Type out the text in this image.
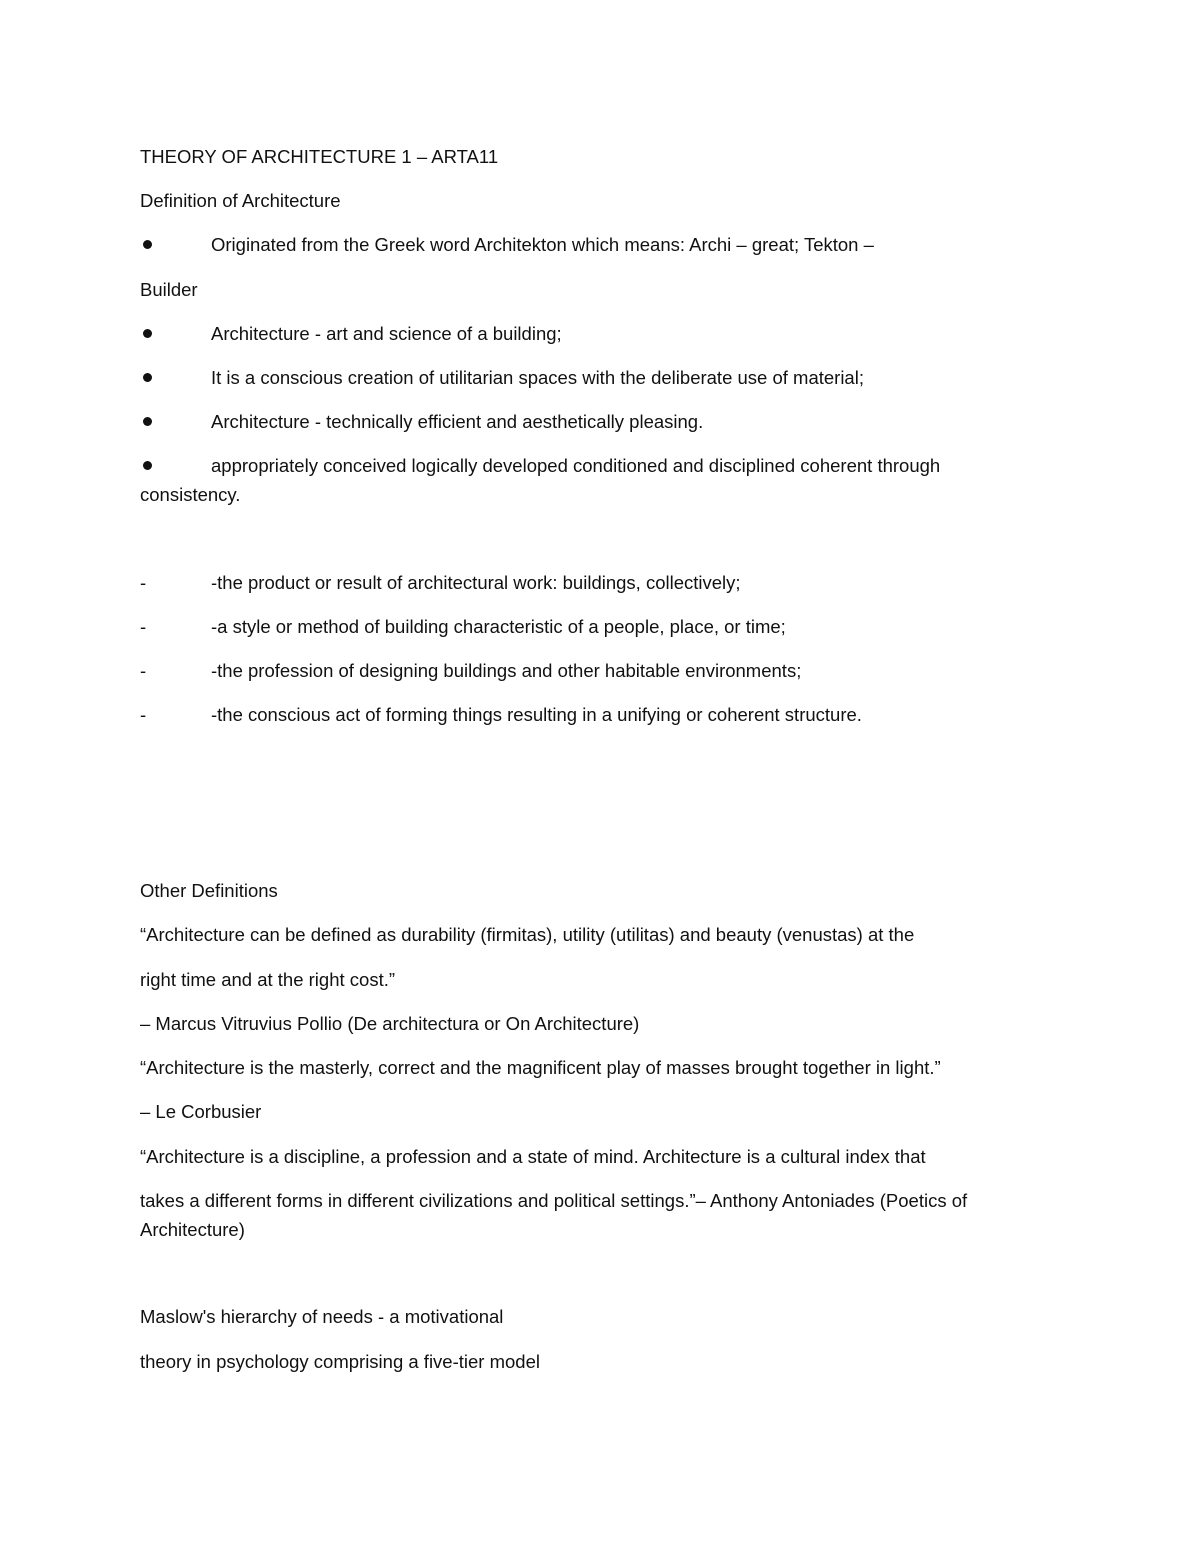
THEORY OF ARCHITECTURE 1 – ARTA11
Definition of Architecture
Originated from the Greek word Architekton which means: Archi – great; Tekton –
Builder
Architecture - art and science of a building;
It is a conscious creation of utilitarian spaces with the deliberate use of material;
Architecture - technically efficient and aesthetically pleasing.
appropriately conceived logically developed conditioned and disciplined coherent through
consistency.
-	-the product or result of architectural work: buildings, collectively;
-	-a style or method of building characteristic of a people, place, or time;
-	-the profession of designing buildings and other habitable environments;
-	-the conscious act of forming things resulting in a unifying or coherent structure.
Other Definitions
“Architecture can be defined as durability (firmitas), utility (utilitas) and beauty (venustas) at the
right time and at the right cost.”
– Marcus Vitruvius Pollio (De architectura or On Architecture)
“Architecture is the masterly, correct and the magnificent play of masses brought together in light.”
– Le Corbusier
“Architecture is a discipline, a profession and a state of mind. Architecture is a cultural index that
takes a different forms in different civilizations and political settings.”– Anthony Antoniades (Poetics of
Architecture)
Maslow's hierarchy of needs - a motivational
theory in psychology comprising a five-tier model
